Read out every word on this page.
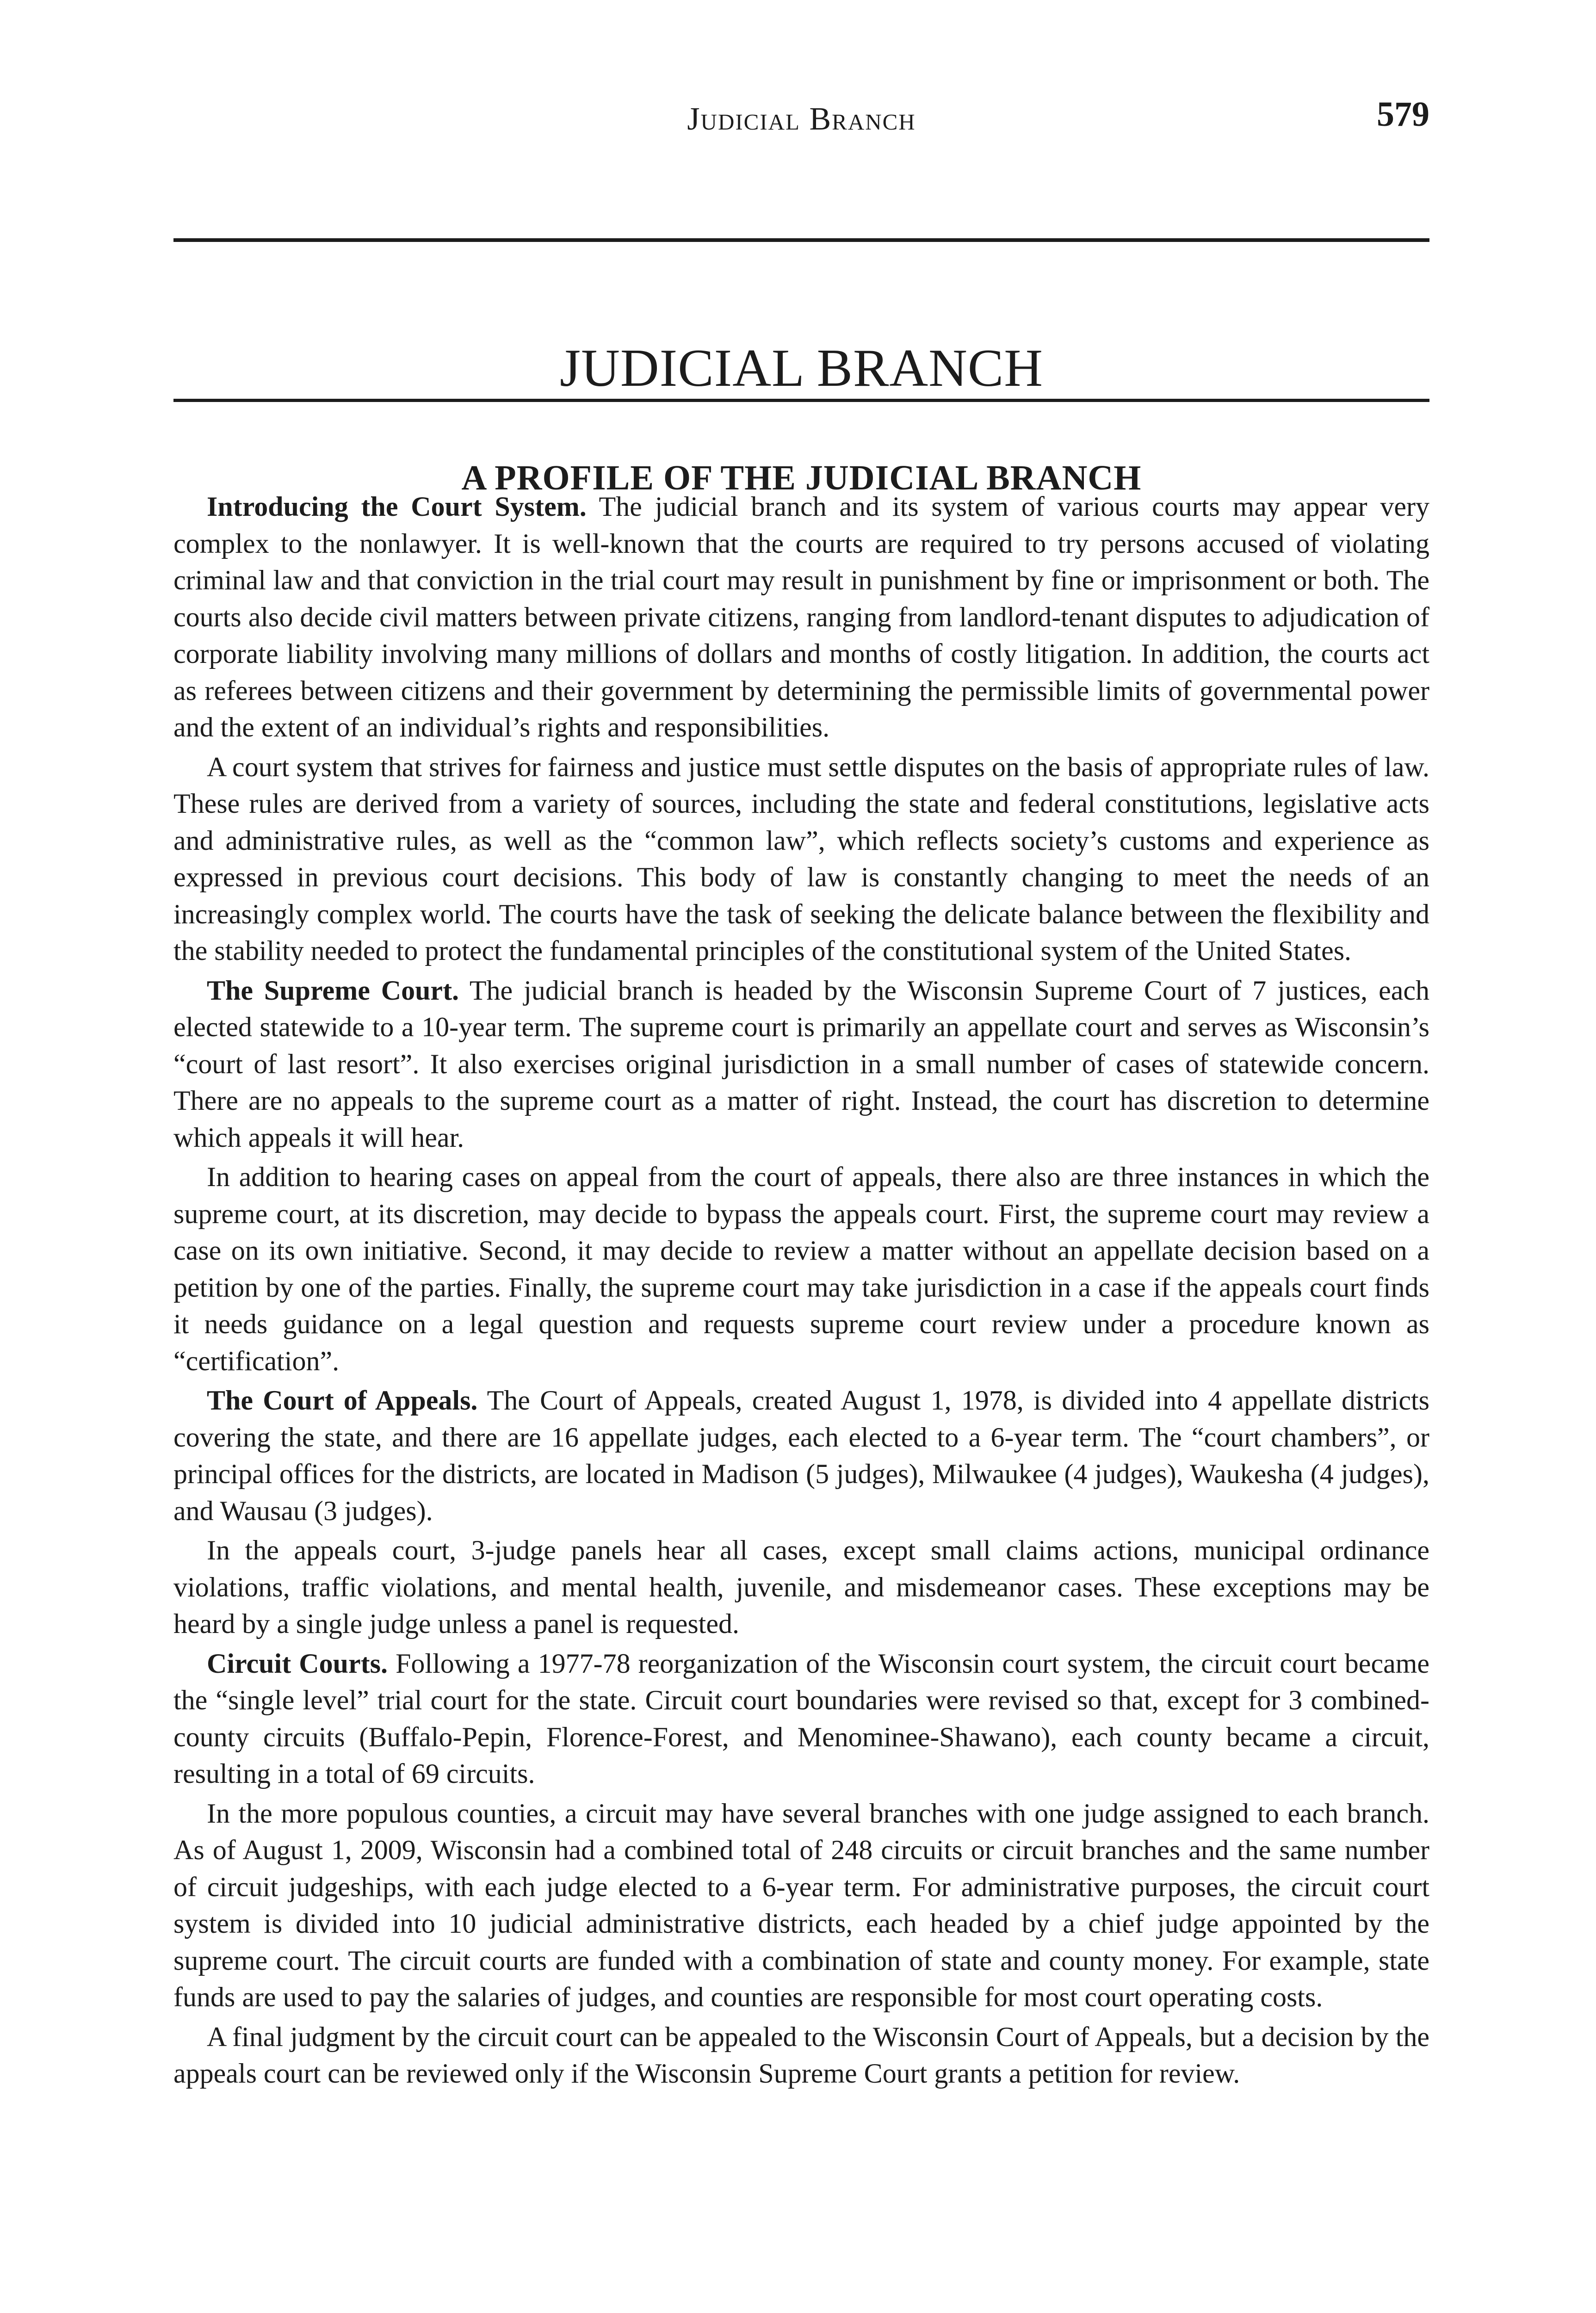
Judicial Branch	579
JUDICIAL BRANCH
A PROFILE OF THE JUDICIAL BRANCH

Introducing the Court System. The judicial branch and its system of various courts may appear very complex to the nonlawyer. It is well-known that the courts are required to try persons accused of violating criminal law and that conviction in the trial court may result in punishment by fine or imprisonment or both. The courts also decide civil matters between private citizens, ranging from landlord-tenant disputes to adjudication of corporate liability involving many millions of dollars and months of costly litigation. In addition, the courts act as referees between citizens and their government by determining the permissible limits of governmental power and the extent of an individual’s rights and responsibilities.

A court system that strives for fairness and justice must settle disputes on the basis of appropriate rules of law. These rules are derived from a variety of sources, including the state and federal constitutions, legislative acts and administrative rules, as well as the “common law”, which reflects society’s customs and experience as expressed in previous court decisions. This body of law is constantly changing to meet the needs of an increasingly complex world. The courts have the task of seeking the delicate balance between the flexibility and the stability needed to protect the fundamental principles of the constitutional system of the United States.

The Supreme Court. The judicial branch is headed by the Wisconsin Supreme Court of 7 justices, each elected statewide to a 10-year term. The supreme court is primarily an appellate court and serves as Wisconsin’s “court of last resort”. It also exercises original jurisdiction in a small number of cases of statewide concern. There are no appeals to the supreme court as a matter of right. Instead, the court has discretion to determine which appeals it will hear.

In addition to hearing cases on appeal from the court of appeals, there also are three instances in which the supreme court, at its discretion, may decide to bypass the appeals court. First, the supreme court may review a case on its own initiative. Second, it may decide to review a matter without an appellate decision based on a petition by one of the parties. Finally, the supreme court may take jurisdiction in a case if the appeals court finds it needs guidance on a legal question and requests supreme court review under a procedure known as “certification”.

The Court of Appeals. The Court of Appeals, created August 1, 1978, is divided into 4 appellate districts covering the state, and there are 16 appellate judges, each elected to a 6-year term. The “court chambers”, or principal offices for the districts, are located in Madison (5 judges), Milwaukee (4 judges), Waukesha (4 judges), and Wausau (3 judges).

In the appeals court, 3-judge panels hear all cases, except small claims actions, municipal ordinance violations, traffic violations, and mental health, juvenile, and misdemeanor cases. These exceptions may be heard by a single judge unless a panel is requested.

Circuit Courts. Following a 1977-78 reorganization of the Wisconsin court system, the circuit court became the “single level” trial court for the state. Circuit court boundaries were revised so that, except for 3 combined-county circuits (Buffalo-Pepin, Florence-Forest, and Menominee-Shawano), each county became a circuit, resulting in a total of 69 circuits.

In the more populous counties, a circuit may have several branches with one judge assigned to each branch. As of August 1, 2009, Wisconsin had a combined total of 248 circuits or circuit branches and the same number of circuit judgeships, with each judge elected to a 6-year term. For administrative purposes, the circuit court system is divided into 10 judicial administrative districts, each headed by a chief judge appointed by the supreme court. The circuit courts are funded with a combination of state and county money. For example, state funds are used to pay the salaries of judges, and counties are responsible for most court operating costs.

A final judgment by the circuit court can be appealed to the Wisconsin Court of Appeals, but a decision by the appeals court can be reviewed only if the Wisconsin Supreme Court grants a petition for review.
